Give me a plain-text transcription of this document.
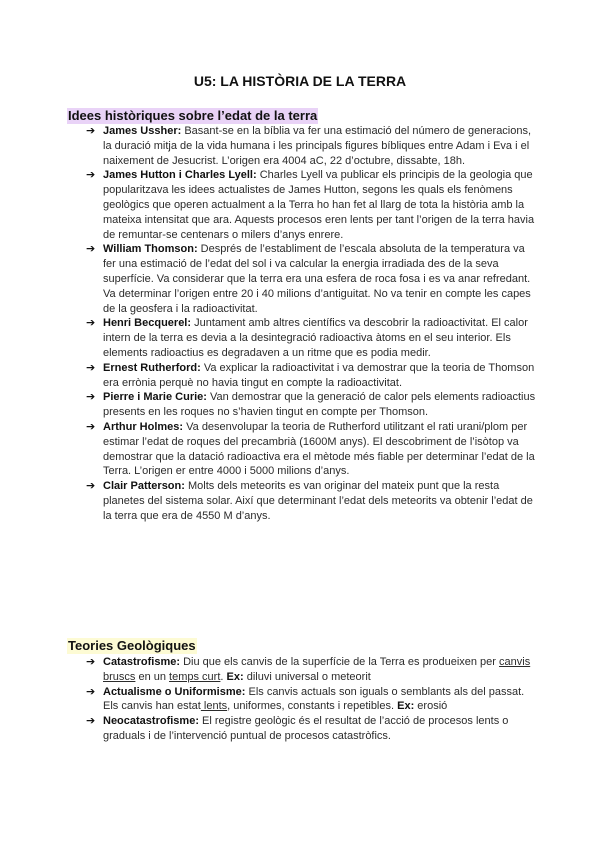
U5: LA HISTÒRIA DE LA TERRA
Idees històriques sobre l’edat de la terra
➔ James Ussher: Basant-se en la bíblia va fer una estimació del número de generacions, la duració mitja de la vida humana i les principals figures bíbliques entre Adam i Eva i el naixement de Jesucrist. L’origen era 4004 aC, 22 d’octubre, dissabte, 18h.
➔ James Hutton i Charles Lyell: Charles Lyell va publicar els principis de la geologia que popularitzava les idees actualistes de James Hutton, segons les quals els fenòmens geològics que operen actualment a la Terra ho han fet al llarg de tota la història amb la mateixa intensitat que ara. Aquests procesos eren lents per tant l’origen de la terra havia de remuntar-se centenars o milers d’anys enrere.
➔ William Thomson: Després de l’establiment de l’escala absoluta de la temperatura va fer una estimació de l’edat del sol i va calcular la energia irradiada des de la seva superfície. Va considerar que la terra era una esfera de roca fosa i es va anar refredant. Va determinar l’origen entre 20 i 40 milions d’antiguitat. No va tenir en compte les capes de la geosfera i la radioactivitat.
➔ Henri Becquerel: Juntament amb altres científics va descobrir la radioactivitat. El calor intern de la terra es devia a la desintegració radioactiva àtoms en el seu interior. Els elements radioactius es degradaven a un ritme que es podia medir.
➔ Ernest Rutherford: Va explicar la radioactivitat i va demostrar que la teoria de Thomson era errònia perquè no havia tingut en compte la radioactivitat.
➔ Pierre i Marie Curie: Van demostrar que la generació de calor pels elements radioactius presents en les roques no s’havien tingut en compte per Thomson.
➔ Arthur Holmes: Va desenvolupar la teoria de Rutherford utilitzant el rati urani/plom per estimar l’edat de roques del precambrià (1600M anys). El descobriment de l’isòtop va demostrar que la datació radioactiva era el mètode més fiable per determinar l’edat de la Terra. L’origen er entre 4000 i 5000 milions d’anys.
➔ Clair Patterson: Molts dels meteorits es van originar del mateix punt que la resta planetes del sistema solar. Així que determinant l’edat dels meteorits va obtenir l’edat de la terra que era de 4550 M d’anys.
Teories Geològiques
➔ Catastrofisme: Diu que els canvis de la superfície de la Terra es produeixen per canvis bruscs en un temps curt. Ex: diluvi universal o meteorit
➔ Actualisme o Uniformisme: Els canvis actuals son iguals o semblants als del passat. Els canvis han estat lents, uniformes, constants i repetibles. Ex: erosió
➔ Neocatastrofisme: El registre geològic és el resultat de l’acció de procesos lents o graduals i de l’intervenció puntual de procesos catastròfics.
